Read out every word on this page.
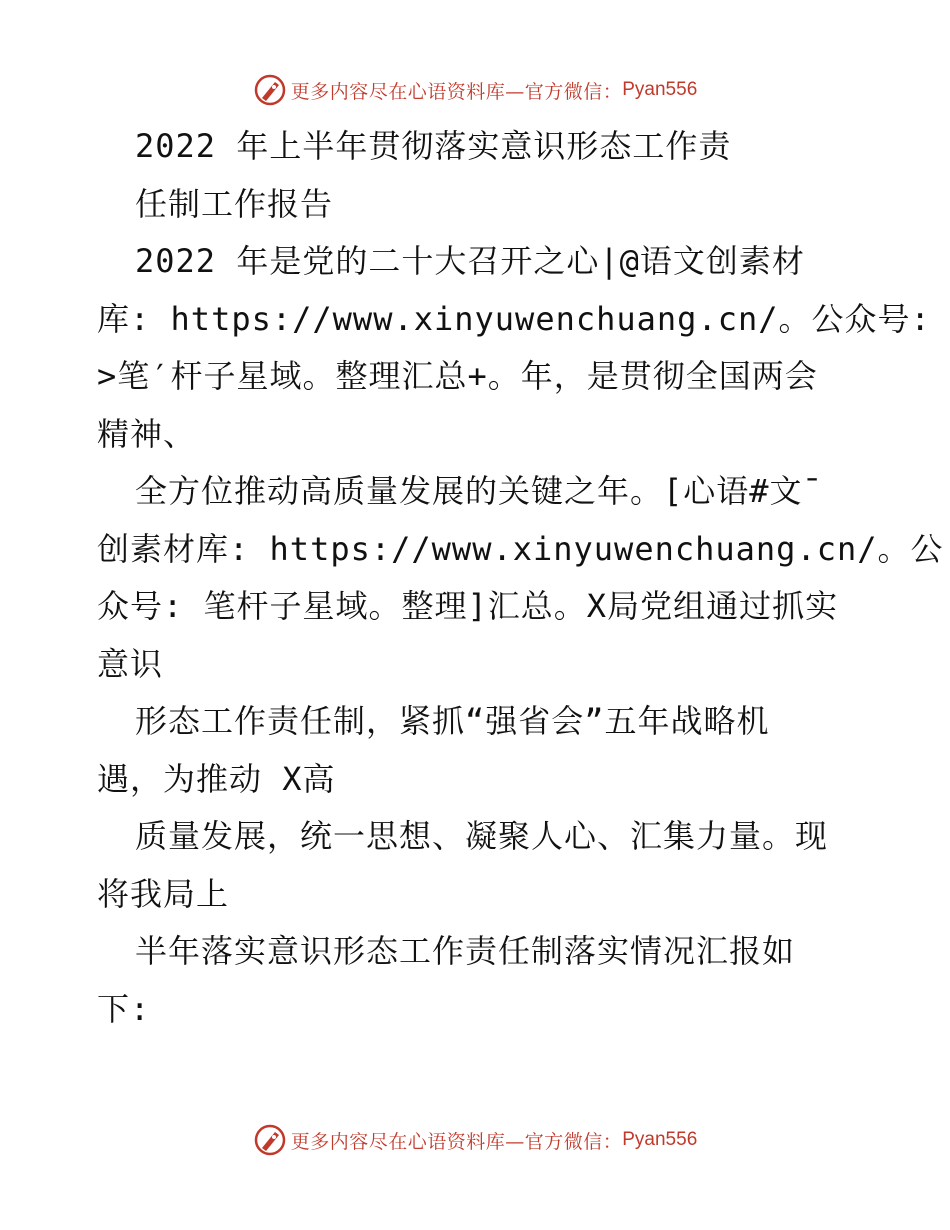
更多内容尽在心语资料库—官方微信： Pyan556
2022 年上半年贯彻落实意识形态工作责
任制工作报告
2022 年是党的二十大召开之心|@语文创素材
库: https://www.xinyuwenchuang.cn/。公众号:
>笔′杆子星域。整理汇总+。年，是贯彻全国两会
精神、
全方位推动高质量发展的关键之年。[心语#文¯
创素材库: https://www.xinyuwenchuang.cn/。公
众号: 笔杆子星域。整理]汇总。X局党组通过抓实
意识
形态工作责任制，紧抓“强省会”五年战略机
遇，为推动 X高
质量发展，统一思想、凝聚人心、汇集力量。现
将我局上
半年落实意识形态工作责任制落实情况汇报如
下:
更多内容尽在心语资料库—官方微信： Pyan556
